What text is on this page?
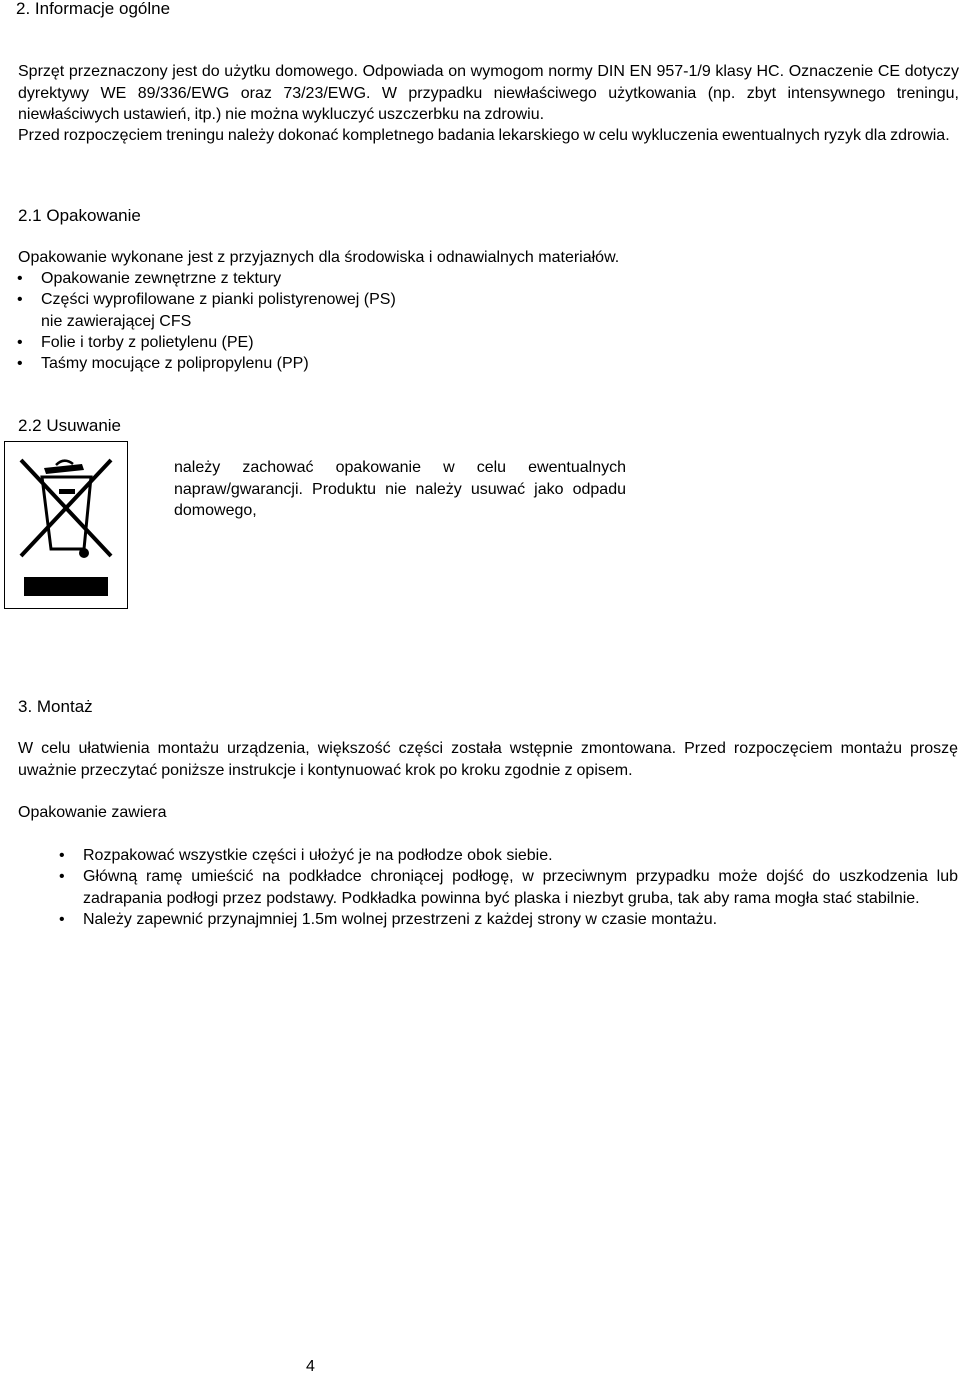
2. Informacje ogólne
Sprzęt przeznaczony jest do użytku domowego. Odpowiada on wymogom normy DIN EN 957-1/9 klasy HC. Oznaczenie CE dotyczy dyrektywy WE 89/336/EWG oraz 73/23/EWG. W przypadku niewłaściwego użytkowania (np. zbyt intensywnego treningu, niewłaściwych ustawień, itp.) nie można wykluczyć uszczerbku na zdrowiu.
Przed rozpoczęciem treningu należy dokonać kompletnego badania lekarskiego w celu wykluczenia ewentualnych ryzyk dla zdrowia.
2.1 Opakowanie
Opakowanie wykonane jest z przyjaznych dla środowiska i odnawialnych materiałów.
• Opakowanie zewnętrzne z tektury
• Części wyprofilowane z pianki polistyrenowej (PS) nie zawierającej CFS
• Folie i torby z polietylenu (PE)
• Taśmy mocujące z polipropylenu (PP)
2.2 Usuwanie
należy zachować opakowanie w celu ewentualnych napraw/gwarancji. Produktu nie należy usuwać jako odpadu domowego,
3. Montaż
W celu ułatwienia montażu urządzenia, większość części została wstępnie zmontowana. Przed rozpoczęciem montażu proszę uważnie przeczytać poniższe instrukcje i kontynuować krok po kroku zgodnie z opisem.
Opakowanie zawiera
• Rozpakować wszystkie części i ułożyć je na podłodze obok siebie.
• Główną ramę umieścić na podkładce chroniącej podłogę, w przeciwnym przypadku może dojść do uszkodzenia lub zadrapania podłogi przez podstawy. Podkładka powinna być plaska i niezbyt gruba, tak aby rama mogła stać stabilnie.
• Należy zapewnić przynajmniej 1.5m wolnej przestrzeni z każdej strony w czasie montażu.
4
